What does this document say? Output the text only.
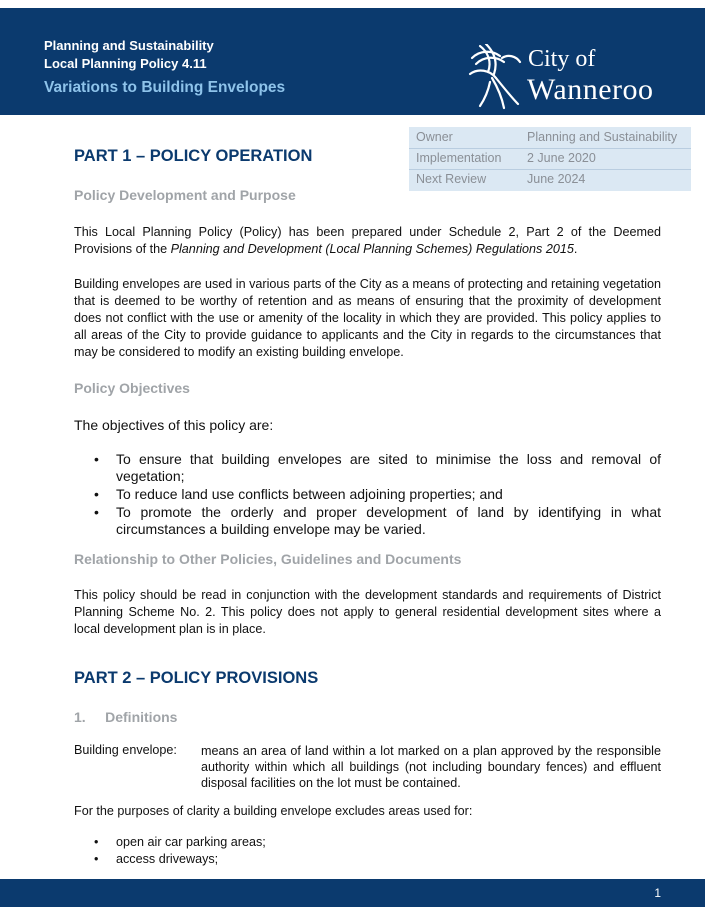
Planning and Sustainability
Local Planning Policy 4.11
Variations to Building Envelopes
City of
Wanneroo
Owner	Planning and Sustainability
Implementation 2 June 2020
Next Review	June 2024
PART 1 – POLICY OPERATION
Policy Development and Purpose
This Local Planning Policy (Policy) has been prepared under Schedule 2, Part 2 of the Deemed Provisions of the Planning and Development (Local Planning Schemes) Regulations 2015.
Building envelopes are used in various parts of the City as a means of protecting and retaining vegetation that is deemed to be worthy of retention and as means of ensuring that the proximity of development does not conflict with the use or amenity of the locality in which they are provided. This policy applies to all areas of the City to provide guidance to applicants and the City in regards to the circumstances that may be considered to modify an existing building envelope.
Policy Objectives
The objectives of this policy are:
• To ensure that building envelopes are sited to minimise the loss and removal of vegetation;
• To reduce land use conflicts between adjoining properties; and
• To promote the orderly and proper development of land by identifying in what circumstances a building envelope may be varied.
Relationship to Other Policies, Guidelines and Documents
This policy should be read in conjunction with the development standards and requirements of District Planning Scheme No. 2. This policy does not apply to general residential development sites where a local development plan is in place.
PART 2 – POLICY PROVISIONS
1.     Definitions
Building envelope: means an area of land within a lot marked on a plan approved by the responsible authority within which all buildings (not including boundary fences) and effluent disposal facilities on the lot must be contained.
For the purposes of clarity a building envelope excludes areas used for:
• open air car parking areas;
• access driveways;
1
